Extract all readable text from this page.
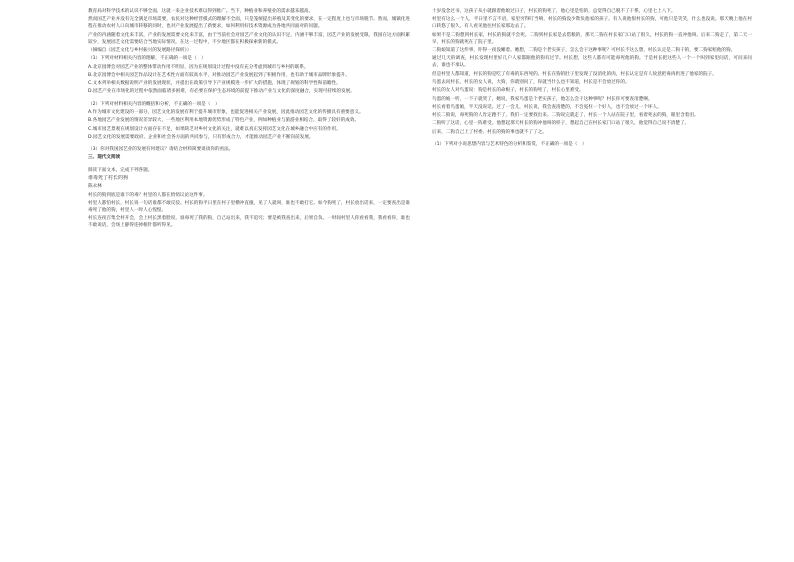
教育局对科学技术的认识不够全面，这就一来企业技术难以得到推广。当下，种植业和养殖业的需求越来越高。

然而国艺产业并没有完全满足市场需要，农民对这种经营模式的理解不全面，只是笼统提出养殖及其变化的要求，在一定程度上也与市场脱节。然而，城镇化进程在推动农村人口向城市转移的同时，也对产业发展提出了新要求，如何利用好技术资源成为各地共同面对的问题。

产业的内涵随着文化来丰富，产业的发展需要文化来丰富，由于当前社会对园艺产业文化的认识不足，内涵不够丰富，园艺产业的发展受限。我国在这方面积累较少，发展园艺文化需要结合当地实际情况，在这一过程中，不少地区都在积极探索新的模式。

（摘编自《园艺文化与乡村振兴的发展路径探析》）

（1）下列对材料相关内容的理解，不正确的一项是（　）

A.北京园博会对园艺产业的整体带动作用不明显，因为在规划设计过程中没有充分考虑到城市与乡村的联系。

B.北京园博会中相关园艺作品设计在艺术性方面有较高水平，对推动园艺产业发展起到了积极作用，也有助于城市品牌形象提升。

C.文本列举相关数据说明产业的发展现状，并提出在政策引导下产业规模进一步扩大的措施，体现了规划的科学性和前瞻性。

D.园艺产业在市场化的过程中依然面临诸多困难，有必要在保护生态环境的前提下推动产业与文化的深度融合，实现可持续的发展。

（2）下列对材料相关内容的概括和分析，不正确的一项是（　）

A.作为城市文化建设的一部分，园艺文化的发展有利于提升城市形象，也能促进相关产业发展，因此推动园艺文化的传播具有重要意义。

B.各地园艺产业发展的情况差异较大，一些地区利用本地资源优势形成了特色产业，例如种植业与旅游业相结合，取得了较好的成效。

C.城市园艺景观在规划设计方面存在不足，如果缺乏对乡村文化的关注，就难以真正发挥园艺文化在城乡融合中应有的作用。

D.园艺文化的发展需要政府、企业和社会各方面的共同参与，只有形成合力，才能推动园艺产业不断向前发展。

（3）你对我国园艺业的发展有何建议？请结合材料简要谈谈你的看法。

三、现代文阅读

阅读下面文本，完成下列各题。

谁毒死了村长的狗

陈永林

村长的狗到底是谁下的毒？村里的人都在悄悄议论这件事。

村里人都怕村长，村长说一句话谁都不敢反驳。村长的狗平日里在村子里横冲直撞，见了人就叫，谁也不敢打它。如今狗死了，村长放出话来，一定要查出是谁毒死了他的狗，村里人一时人心惶惶。

村长连夜召集全村开会，会上村长黑着脸说，谁毒死了我的狗，自己站出来，我不追究；要是被我查出来，后果自负。一时间村里人你看看我，我看看你，谁也不敢说话，会场上静得连掉根针都听得见。

十岁没念过书，这孩子从小就跟着他娘过日子，村长的狗死了，他心里是怕的，总觉得自己脱不了干系，心里七上八下。

村里有这么一个人，平日里不言不语，家里穷得叮当响，村长的狗没少欺负他家的孩子。有人说他恨村长的狗，可他只是笑笑，什么也没说。那天晚上他在村口转悠了很久，有人看见他往村长家那边去了。

如果不是二狗想到村长家，村长的狗就不会死。二狗到村长家是去借粮的，那天二狗在村长家门口站了很久，村长的狗一直冲他叫。后来二狗走了，第二天一早，村长的狗就死在了院子里。

二狗娘知道了这件事，吓得一夜没睡着。她想，二狗是个老实孩子，怎么会干这种事呢？可村长不这么想，村长认定是二狗干的，要二狗家赔他的狗。

通过几天的调查，村长发现村里好几户人家都跟他的狗有过节。村长想，这些人都有可能毒死他的狗。于是村长把这些人一个一个叫到家里问话，可问来问去，谁也不承认。

但是村里人都知道，村长的狗是吃了有毒的东西死的。村长在狗的肚子里发现了没消化的肉，村长认定是有人故意把毒肉扔进了他家的院子。

鸟蛋去问村长，村长的女人说，大狗，你就别问了，你就当什么也不知道，村长是不会放过你的。

村长的女人对鸟蛋说：狗是村长的命根子，村长的狗死了，村长心里难受。

鸟蛋的娘一听，一下子就哭了，她说，我家鸟蛋是个老实孩子，他怎么会干这种事呢？村长你可要查清楚啊。

村长看着鸟蛋娘，半天没说话。过了一会儿，村长说，我会查清楚的，不会冤枉一个好人，也不会放过一个坏人。

村长二狗说，毒死狗的人肯定跑不了，我们一定要找出来。二狗说完就走了，村长一个人站在院子里，看着死去的狗，眼里含着泪。

二狗听了这话，心里一阵难受。他想起那天村长的狗冲他叫的样子，想起自己在村长家门口站了很久，他觉得自己说不清楚了。

后来，二狗自己上了村委，村长的狗的事也就不了了之。

（1）下列对小说思想内容与艺术特色的分析和鉴赏，不正确的一项是（　）
